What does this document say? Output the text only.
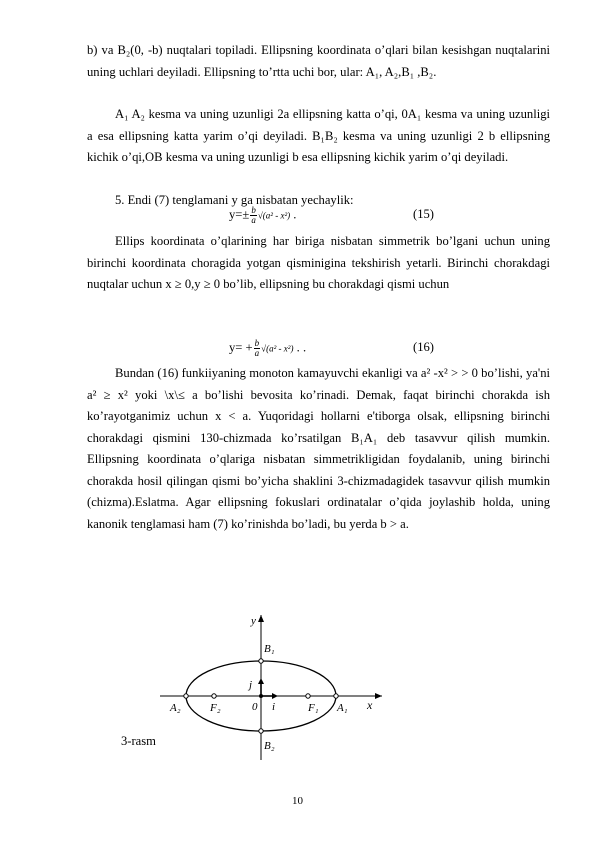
b) va B₂(0, -b) nuqtalari topiladi. Ellipsning koordinata o’qlari bilan kesishgan nuqtalarini uning uchlari deyiladi. Ellipsning to’rtta uchi bor, ular: A₁, A₂,B₁ ,B₂.
A₁ A₂ kesma va uning uzunligi 2a ellipsning katta o’qi, 0A₁ kesma va uning uzunligi a esa ellipsning katta yarim o’qi deyiladi. B₁B₂ kesma va uning uzunligi 2 b ellipsning kichik o’qi,OB kesma va uning uzunligi b esa ellipsning kichik yarim o’qi deyiladi.
5. Endi (7) tenglamani y ga nisbatan yechaylik:
$y=\pm \frac{b}{a} √(a^2 - x^2)$ .	(15)
Ellips koordinata o’qlarining har biriga nisbatan simmetrik bo’lgani uchun uning birinchi koordinata choragida yotgan qisminigina tekshirish yetarli. Birinchi chorakdagi nuqtalar uchun x ≥ 0,y ≥ 0 bo’lib, ellipsning bu chorakdagi qismi uchun
$y= + \frac{b}{a} √(a^2 - x^2)$ . .	(16)
Bundan (16) funkiiyaning monoton kamayuvchi ekanligi va a² -x² > > 0 bo’lishi, ya'ni a² ≥ x² yoki \x\≤ a bo’lishi bevosita ko’rinadi. Demak, faqat birinchi chorakda ish ko’rayotganimiz uchun x < a. Yuqoridagi hollarni e'tiborga olsak, ellipsning birinchi chorakdagi qismini 130-chizmada ko’rsatilgan B₁A₁ deb tasavvur qilish mumkin. Ellipsning koordinata o’qlariga nisbatan simmetrikligidan foydalanib, uning birinchi chorakda hosil qilingan qismi bo’yicha shaklini 3-chizmadagidek tasavvur qilish mumkin (chizma).Eslatma. Agar ellipsning fokuslari ordinatalar o’qida joylashib holda, uning kanonik tenglamasi ham (7) ko’rinishda bo’ladi, bu yerda b > a.
y
x
B₁
B₂
A₁
A₂	F₁
F₂	0
j
i
3-rasm
10
